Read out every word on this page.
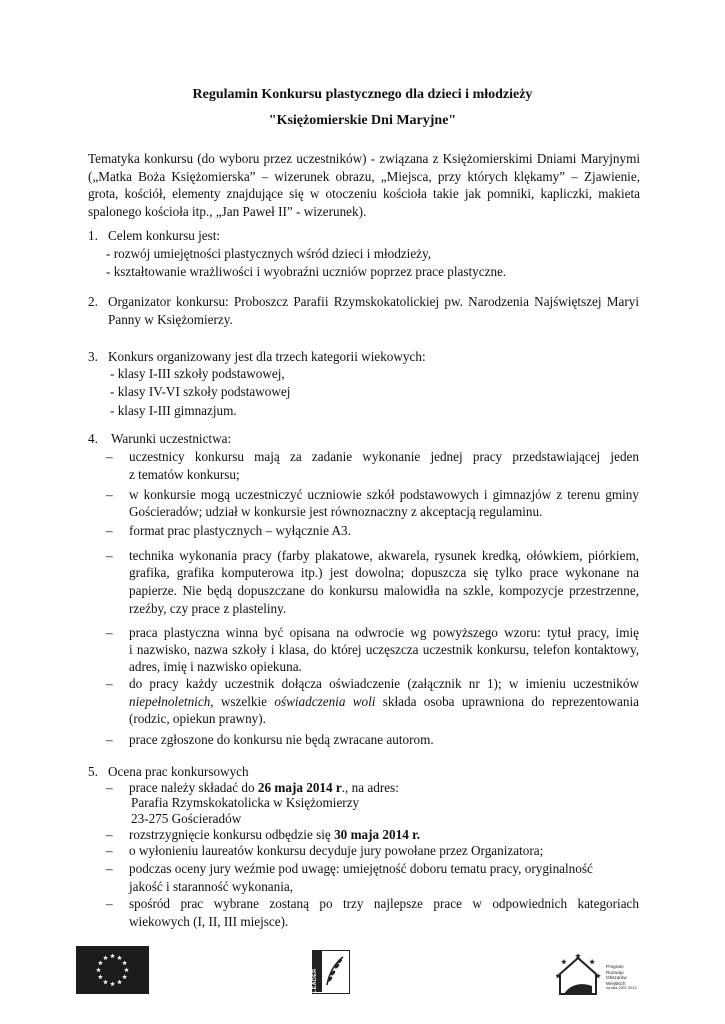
Regulamin Konkursu plastycznego dla dzieci i młodzieży
"Księżomierskie Dni Maryjne"
Tematyka konkursu (do wyboru przez uczestników) - związana z Księżomierskimi Dniami Maryjnymi („Matka Boża Księżomierska” – wizerunek obrazu, „Miejsca, przy których klękamy” – Zjawienie, grota, kościół, elementy znajdujące się w otoczeniu kościoła takie jak pomniki, kapliczki, makieta spalonego kościoła itp., „Jan Paweł II” - wizerunek).
1. Celem konkursu jest:
- rozwój umiejętności plastycznych wśród dzieci i młodzieży,
- kształtowanie wrażliwości i wyobraźni uczniów poprzez prace plastyczne.
2. Organizator konkursu: Proboszcz Parafii Rzymskokatolickiej pw. Narodzenia Najświętszej Maryi
Panny w Księżomierzy.
3. Konkurs organizowany jest dla trzech kategorii wiekowych:
- klasy I-III szkoły podstawowej,
- klasy IV-VI szkoły podstawowej
- klasy I-III gimnazjum.
4. Warunki uczestnictwa:
– uczestnicy konkursu mają za zadanie wykonanie jednej pracy przedstawiającej jeden
z tematów konkursu;
– w konkursie mogą uczestniczyć uczniowie szkół podstawowych i gimnazjów z terenu gminy
Gościeradów; udział w konkursie jest równoznaczny z akceptacją regulaminu.
– format prac plastycznych – wyłącznie A3.
– technika wykonania pracy (farby plakatowe, akwarela, rysunek kredką, ołówkiem, piórkiem,
grafika, grafika komputerowa itp.) jest dowolna; dopuszcza się tylko prace wykonane na
papierze. Nie będą dopuszczane do konkursu malowidła na szkle, kompozycje przestrzenne,
rzeźby, czy prace z plasteliny.
– praca plastyczna winna być opisana na odwrocie wg powyższego wzoru: tytuł pracy, imię
i nazwisko, nazwa szkoły i klasa, do której uczęszcza uczestnik konkursu, telefon kontaktowy,
adres, imię i nazwisko opiekuna.
– do pracy każdy uczestnik dołącza oświadczenie (załącznik nr 1); w imieniu uczestników
niepełnoletnich, wszelkie oświadczenia woli składa osoba uprawniona do reprezentowania
(rodzic, opiekun prawny).
– prace zgłoszone do konkursu nie będą zwracane autorom.
5. Ocena prac konkursowych
– prace należy składać do 26 maja 2014 r., na adres:
Parafia Rzymskokatolicka w Księżomierzy
23-275 Gościeradów
– rozstrzygnięcie konkursu odbędzie się 30 maja 2014 r.
– o wyłonieniu laureatów konkursu decyduje jury powołane przez Organizatora;
– podczas oceny jury weźmie pod uwagę: umiejętność doboru tematu pracy, oryginalność
jakość i staranność wykonania,
– spośród prac wybrane zostaną po trzy najlepsze prace w odpowiednich kategoriach
wiekowych (I, II, III miejsce).
LEADER
Program
Rozwoju
Obszarów
Wiejskich
na lata 2007-2013
